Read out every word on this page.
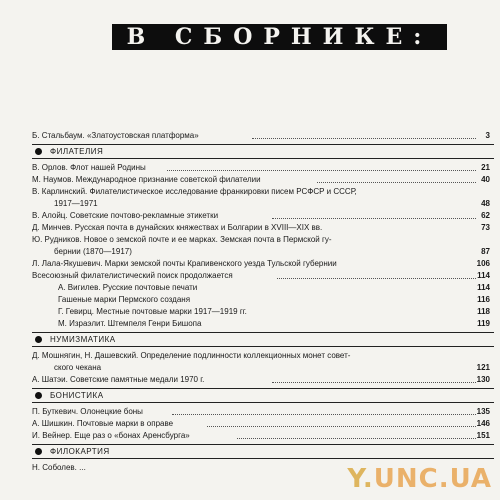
В СБОРНИКЕ:
Б. Стальбаум. «Златоустовская платформа»	3
ФИЛАТЕЛИЯ
В. Орлов. Флот нашей Родины	21
М. Наумов. Международное признание советской филателии	40
В. Карлинский. Филателистическое исследование франкировки писем РСФСР и СССР,
1917—1971	48
В. Алойц. Советские почтово-рекламные этикетки	62
Д. Минчев. Русская почта в дунайских княжествах и Болгарии в XVIII—XIX вв.	73
Ю. Рудников. Новое о земской почте и ее марках. Земская почта в Пермской гу-
бернии (1870—1917)	87
Л. Лала-Якушевич. Марки земской почты Крапивенского уезда Тульской губернии	106
Всесоюзный филателистический поиск продолжается	114
А. Вигилев. Русские почтовые печати	114
Гашеные марки Пермского созданя	116
Г. Гевирц. Местные почтовые марки 1917—1919 гг.	118
М. Израэлит. Штемпеля Генри Бишопа	119
НУМИЗМАТИКА
Д. Мошнягин, Н. Дашевский. Определение подлинности коллекционных монет совет-
ского чекана	121
А. Шатэи. Советские памятные медали 1970 г.	130
БОНИСТИКА
П. Буткевич. Олонецкие боны	135
А. Шишкин. Почтовые марки в оправе	146
И. Вейнер. Еще раз о «бонах Аренсбурга»	151
ФИЛОКАРТИЯ
Н. Соболев. ...	Y.UNC.UA
